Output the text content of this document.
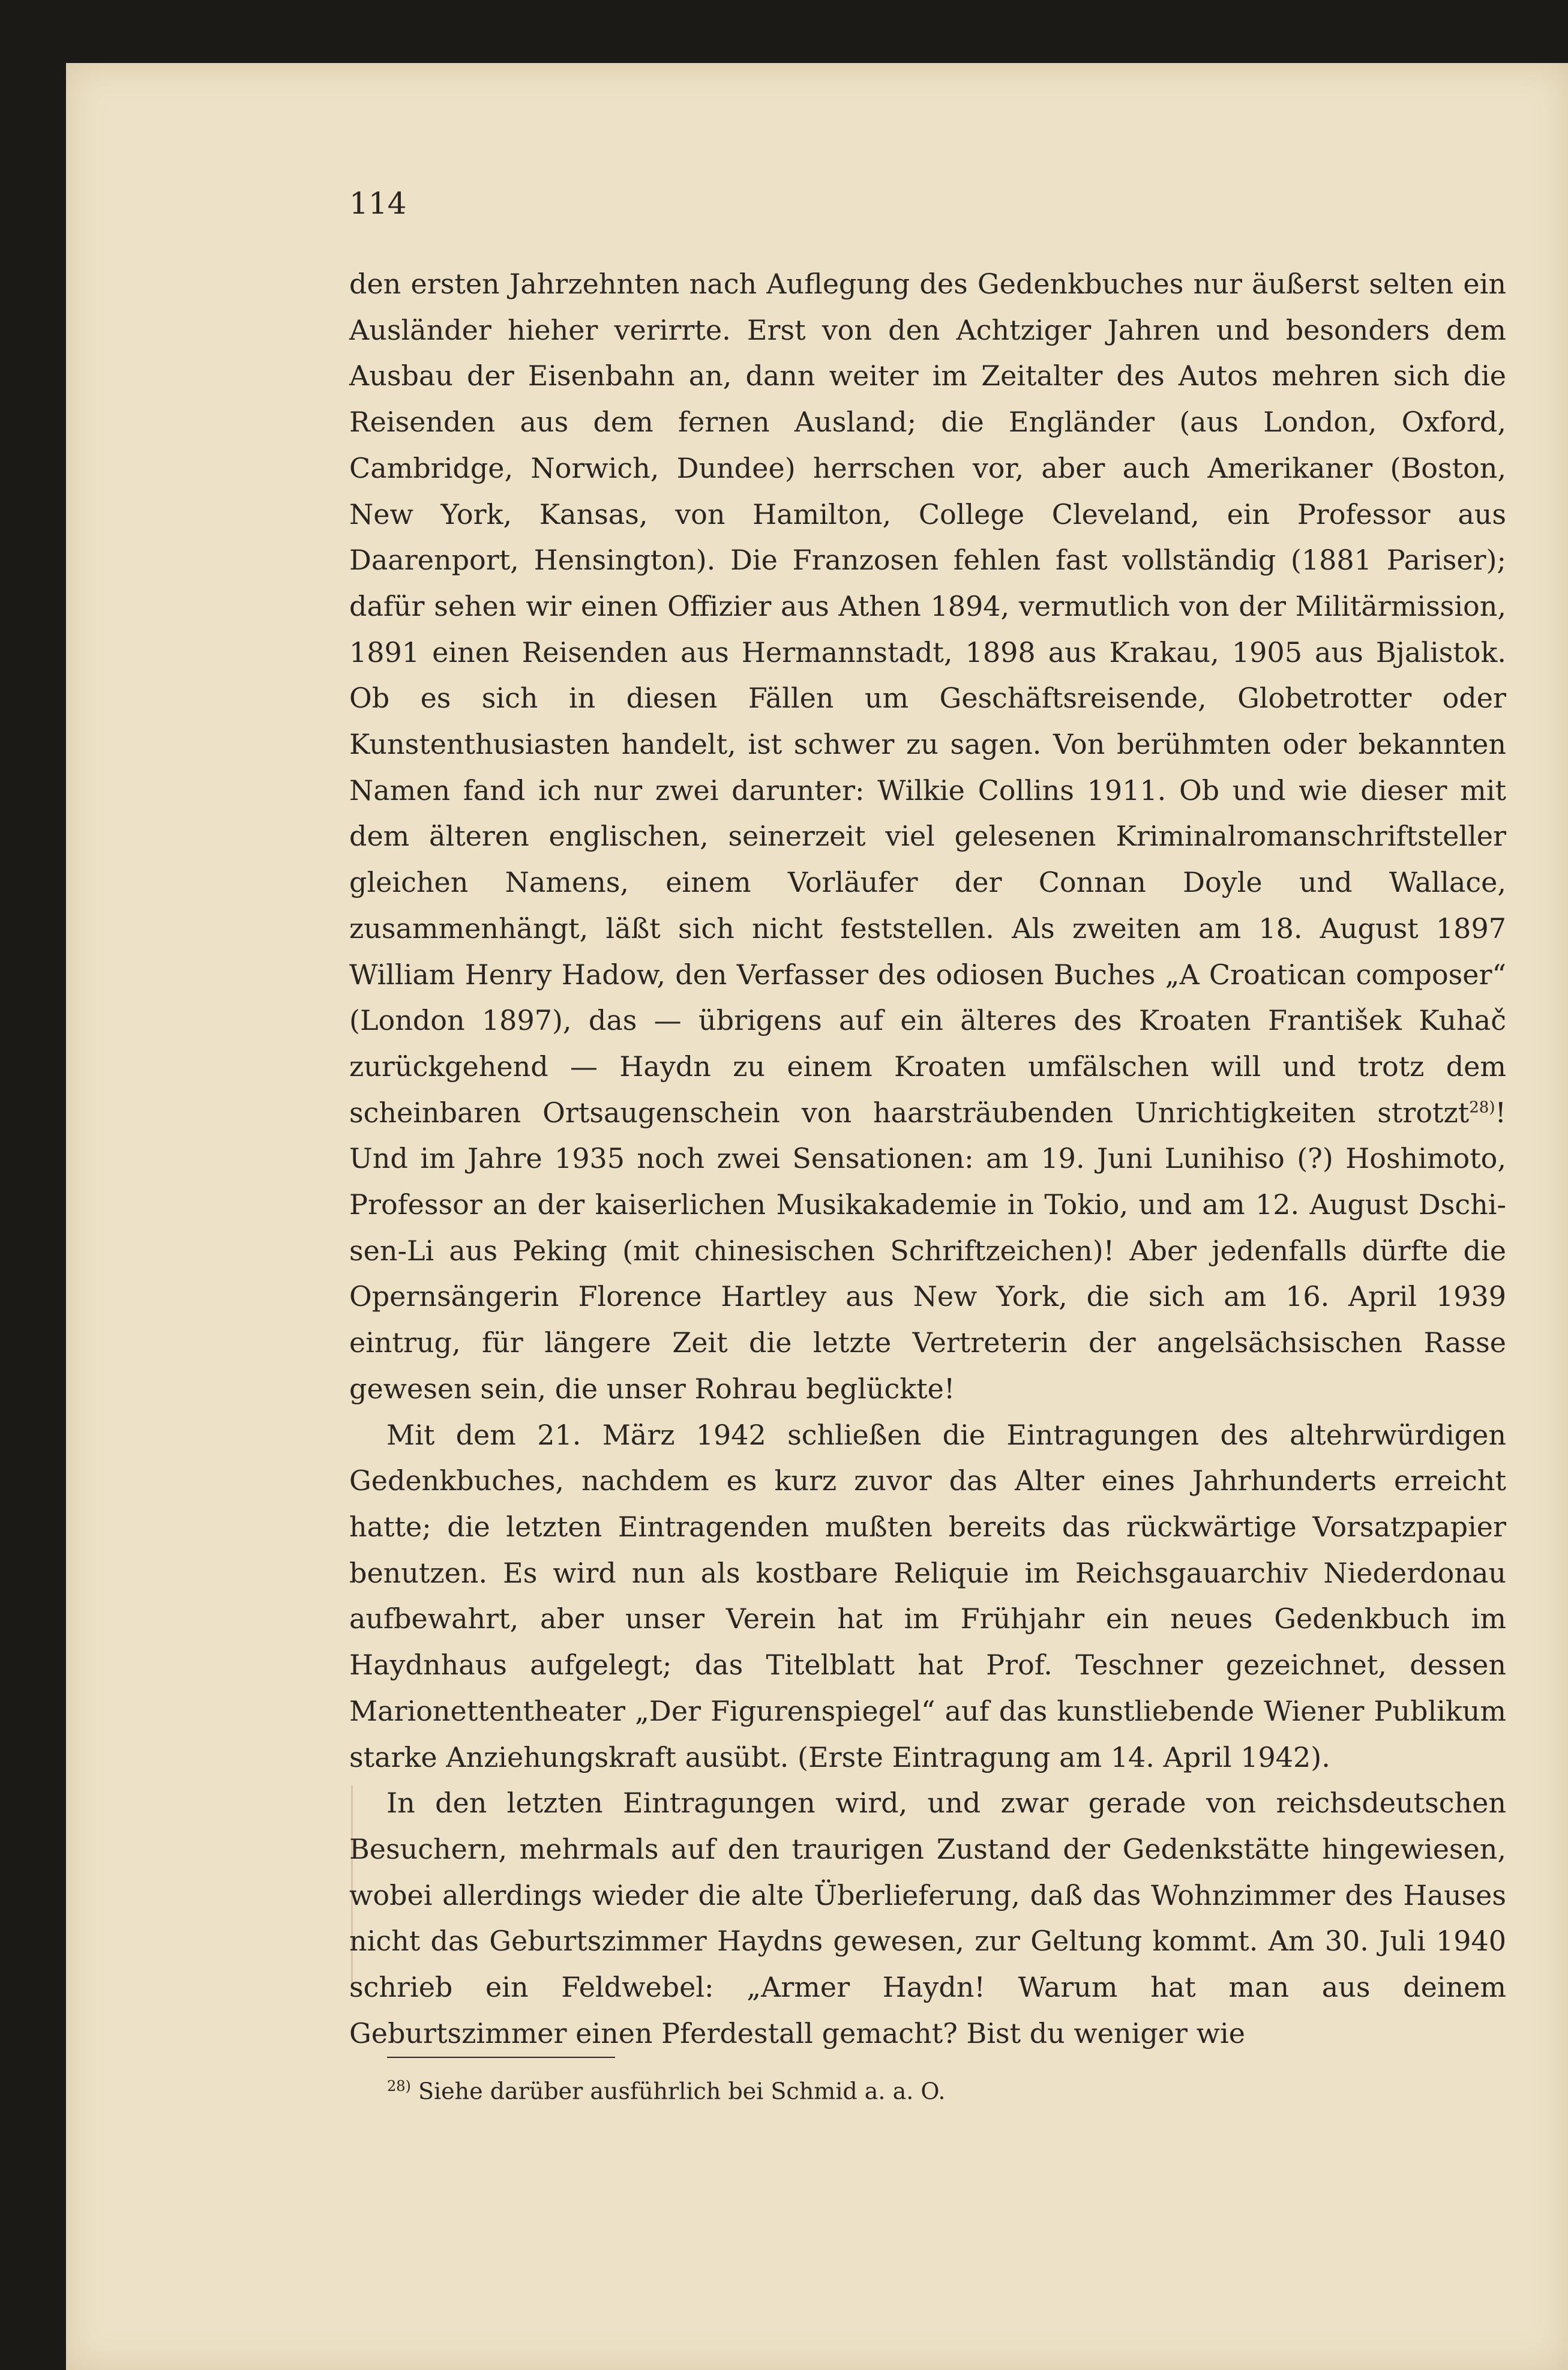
114

den ersten Jahrzehnten nach Auflegung des Gedenkbuches nur äußerst selten ein Ausländer hieher verirrte. Erst von den Achtziger Jahren und besonders dem Ausbau der Eisenbahn an, dann weiter im Zeitalter des Autos mehren sich die Reisenden aus dem fernen Ausland; die Engländer (aus London, Oxford, Cambridge, Norwich, Dundee) herrschen vor, aber auch Amerikaner (Boston, New York, Kansas, von Hamilton, College Cleveland, ein Professor aus Daarenport, Hensington). Die Franzosen fehlen fast vollständig (1881 Pariser); dafür sehen wir einen Offizier aus Athen 1894, vermutlich von der Militärmission, 1891 einen Reisenden aus Hermannstadt, 1898 aus Krakau, 1905 aus Bjalistok. Ob es sich in diesen Fällen um Geschäftsreisende, Globetrotter oder Kunstenthusiasten handelt, ist schwer zu sagen. Von berühmten oder bekannten Namen fand ich nur zwei darunter: Wilkie Collins 1911. Ob und wie dieser mit dem älteren englischen, seinerzeit viel gelesenen Kriminalromanschriftsteller gleichen Namens, einem Vorläufer der Connan Doyle und Wallace, zusammenhängt, läßt sich nicht feststellen. Als zweiten am 18. August 1897 William Henry Hadow, den Verfasser des odiosen Buches „A Croatican composer“ (London 1897), das — übrigens auf ein älteres des Kroaten František Kuhač zurückgehend — Haydn zu einem Kroaten umfälschen will und trotz dem scheinbaren Ortsaugenschein von haarsträubenden Unrichtigkeiten strotzt$^{28)}$! Und im Jahre 1935 noch zwei Sensationen: am 19. Juni Lunihiso (?) Hoshimoto, Professor an der kaiserlichen Musikakademie in Tokio, und am 12. August Dschi-sen-Li aus Peking (mit chinesischen Schriftzeichen)! Aber jedenfalls dürfte die Opernsängerin Florence Hartley aus New York, die sich am 16. April 1939 eintrug, für längere Zeit die letzte Vertreterin der angelsächsischen Rasse gewesen sein, die unser Rohrau beglückte!

Mit dem 21. März 1942 schließen die Eintragungen des altehrwürdigen Gedenkbuches, nachdem es kurz zuvor das Alter eines Jahrhunderts erreicht hatte; die letzten Eintragenden mußten bereits das rückwärtige Vorsatzpapier benutzen. Es wird nun als kostbare Reliquie im Reichsgauarchiv Niederdonau aufbewahrt, aber unser Verein hat im Frühjahr ein neues Gedenkbuch im Haydnhaus aufgelegt; das Titelblatt hat Prof. Teschner gezeichnet, dessen Marionettentheater „Der Figurenspiegel“ auf das kunstliebende Wiener Publikum starke Anziehungskraft ausübt. (Erste Eintragung am 14. April 1942).

In den letzten Eintragungen wird, und zwar gerade von reichsdeutschen Besuchern, mehrmals auf den traurigen Zustand der Gedenkstätte hingewiesen, wobei allerdings wieder die alte Überlieferung, daß das Wohnzimmer des Hauses nicht das Geburtszimmer Haydns gewesen, zur Geltung kommt. Am 30. Juli 1940 schrieb ein Feldwebel: „Armer Haydn! Warum hat man aus deinem Geburtszimmer einen Pferdestall gemacht? Bist du weniger wie

$^{28)}$ Siehe darüber ausführlich bei Schmid a. a. O.
